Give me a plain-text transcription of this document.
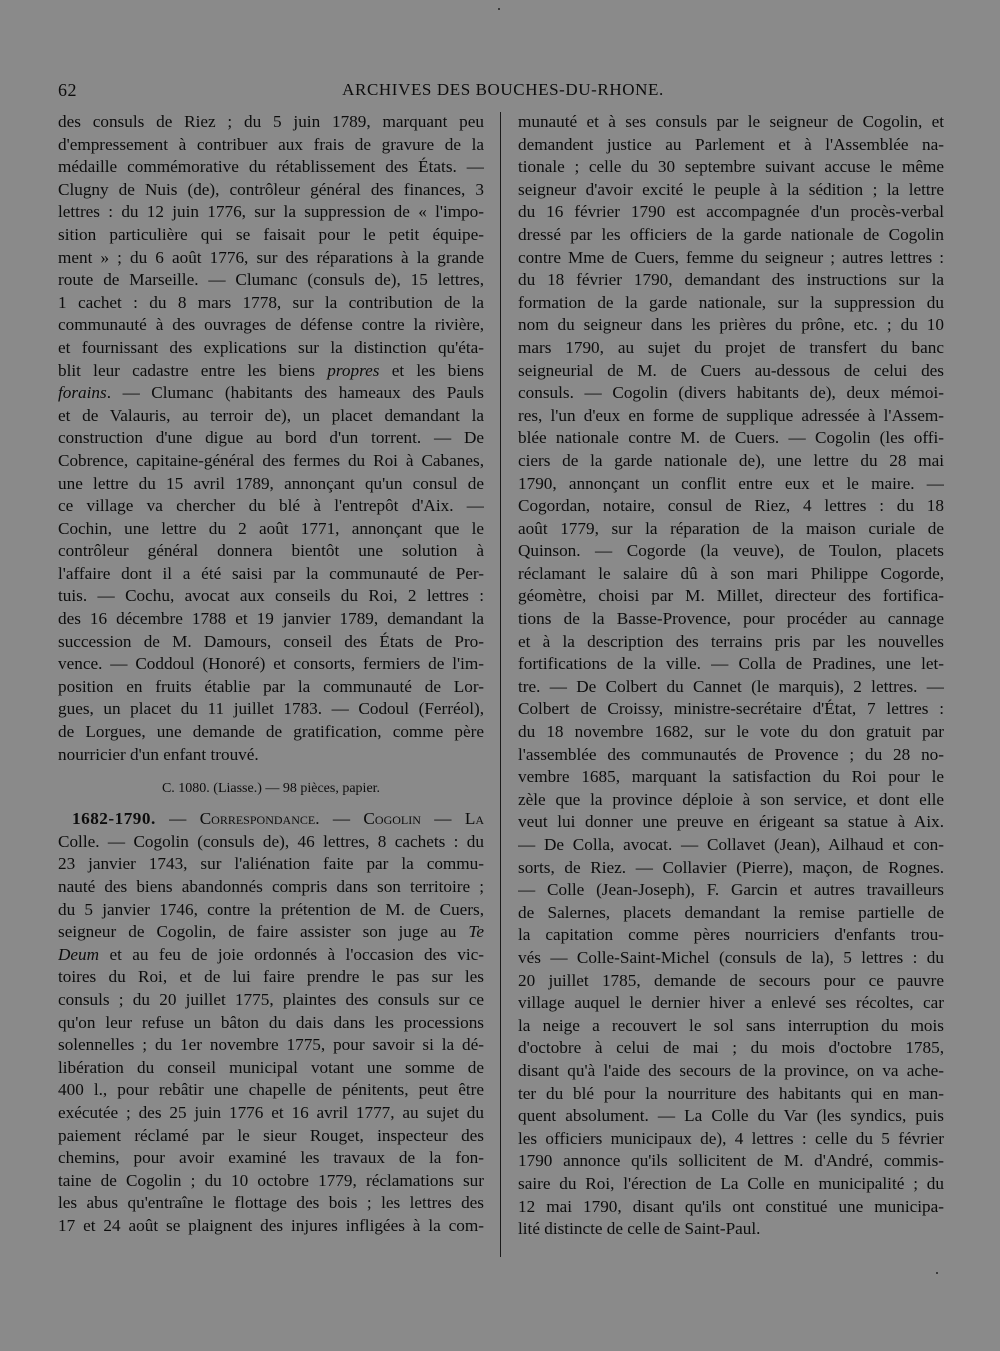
62	ARCHIVES DES BOUCHES-DU-RHONE.
des consuls de Riez ; du 5 juin 1789, marquant peu
d'empressement à contribuer aux frais de gravure de la
médaille commémorative du rétablissement des États. —
Clugny de Nuis (de), contrôleur général des finances, 3
lettres : du 12 juin 1776, sur la suppression de « l'impo-
sition particulière qui se faisait pour le petit équipe-
ment » ; du 6 août 1776, sur des réparations à la grande
route de Marseille. — Clumanc (consuls de), 15 lettres,
1 cachet : du 8 mars 1778, sur la contribution de la
communauté à des ouvrages de défense contre la rivière,
et fournissant des explications sur la distinction qu'éta-
blit leur cadastre entre les biens propres et les biens
forains. — Clumanc (habitants des hameaux des Pauls
et de Valauris, au terroir de), un placet demandant la
construction d'une digue au bord d'un torrent. — De
Cobrence, capitaine-général des fermes du Roi à Cabanes,
une lettre du 15 avril 1789, annonçant qu'un consul de
ce village va chercher du blé à l'entrepôt d'Aix. —
Cochin, une lettre du 2 août 1771, annonçant que le
contrôleur général donnera bientôt une solution à
l'affaire dont il a été saisi par la communauté de Per-
tuis. — Cochu, avocat aux conseils du Roi, 2 lettres :
des 16 décembre 1788 et 19 janvier 1789, demandant la
succession de M. Damours, conseil des États de Pro-
vence. — Coddoul (Honoré) et consorts, fermiers de l'im-
position en fruits établie par la communauté de Lor-
gues, un placet du 11 juillet 1783. — Codoul (Ferréol),
de Lorgues, une demande de gratification, comme père
nourricier d'un enfant trouvé.
C. 1080. (Liasse.) — 98 pièces, papier.
1682-1790. — Correspondance. — Cogolin — La
Colle. — Cogolin (consuls de), 46 lettres, 8 cachets : du
23 janvier 1743, sur l'aliénation faite par la commu-
nauté des biens abandonnés compris dans son territoire ;
du 5 janvier 1746, contre la prétention de M. de Cuers,
seigneur de Cogolin, de faire assister son juge au Te
Deum et au feu de joie ordonnés à l'occasion des vic-
toires du Roi, et de lui faire prendre le pas sur les
consuls ; du 20 juillet 1775, plaintes des consuls sur ce
qu'on leur refuse un bâton du dais dans les processions
solennelles ; du 1er novembre 1775, pour savoir si la dé-
libération du conseil municipal votant une somme de
400 l., pour rebâtir une chapelle de pénitents, peut être
exécutée ; des 25 juin 1776 et 16 avril 1777, au sujet du
paiement réclamé par le sieur Rouget, inspecteur des
chemins, pour avoir examiné les travaux de la fon-
taine de Cogolin ; du 10 octobre 1779, réclamations sur
les abus qu'entraîne le flottage des bois ; les lettres des
17 et 24 août se plaignent des injures infligées à la com-
munauté et à ses consuls par le seigneur de Cogolin, et
demandent justice au Parlement et à l'Assemblée na-
tionale ; celle du 30 septembre suivant accuse le même
seigneur d'avoir excité le peuple à la sédition ; la lettre
du 16 février 1790 est accompagnée d'un procès-verbal
dressé par les officiers de la garde nationale de Cogolin
contre Mme de Cuers, femme du seigneur ; autres lettres :
du 18 février 1790, demandant des instructions sur la
formation de la garde nationale, sur la suppression du
nom du seigneur dans les prières du prône, etc. ; du 10
mars 1790, au sujet du projet de transfert du banc
seigneurial de M. de Cuers au-dessous de celui des
consuls. — Cogolin (divers habitants de), deux mémoi-
res, l'un d'eux en forme de supplique adressée à l'Assem-
blée nationale contre M. de Cuers. — Cogolin (les offi-
ciers de la garde nationale de), une lettre du 28 mai
1790, annonçant un conflit entre eux et le maire. —
Cogordan, notaire, consul de Riez, 4 lettres : du 18
août 1779, sur la réparation de la maison curiale de
Quinson. — Cogorde (la veuve), de Toulon, placets
réclamant le salaire dû à son mari Philippe Cogorde,
géomètre, choisi par M. Millet, directeur des fortifica-
tions de la Basse-Provence, pour procéder au cannage
et à la description des terrains pris par les nouvelles
fortifications de la ville. — Colla de Pradines, une let-
tre. — De Colbert du Cannet (le marquis), 2 lettres. —
Colbert de Croissy, ministre-secrétaire d'État, 7 lettres :
du 18 novembre 1682, sur le vote du don gratuit par
l'assemblée des communautés de Provence ; du 28 no-
vembre 1685, marquant la satisfaction du Roi pour le
zèle que la province déploie à son service, et dont elle
veut lui donner une preuve en érigeant sa statue à Aix.
— De Colla, avocat. — Collavet (Jean), Ailhaud et con-
sorts, de Riez. — Collavier (Pierre), maçon, de Rognes.
— Colle (Jean-Joseph), F. Garcin et autres travailleurs
de Salernes, placets demandant la remise partielle de
la capitation comme pères nourriciers d'enfants trou-
vés — Colle-Saint-Michel (consuls de la), 5 lettres : du
20 juillet 1785, demande de secours pour ce pauvre
village auquel le dernier hiver a enlevé ses récoltes, car
la neige a recouvert le sol sans interruption du mois
d'octobre à celui de mai ; du mois d'octobre 1785,
disant qu'à l'aide des secours de la province, on va ache-
ter du blé pour la nourriture des habitants qui en man-
quent absolument. — La Colle du Var (les syndics, puis
les officiers municipaux de), 4 lettres : celle du 5 février
1790 annonce qu'ils sollicitent de M. d'André, commis-
saire du Roi, l'érection de La Colle en municipalité ; du
12 mai 1790, disant qu'ils ont constitué une municipa-
lité distincte de celle de Saint-Paul.
